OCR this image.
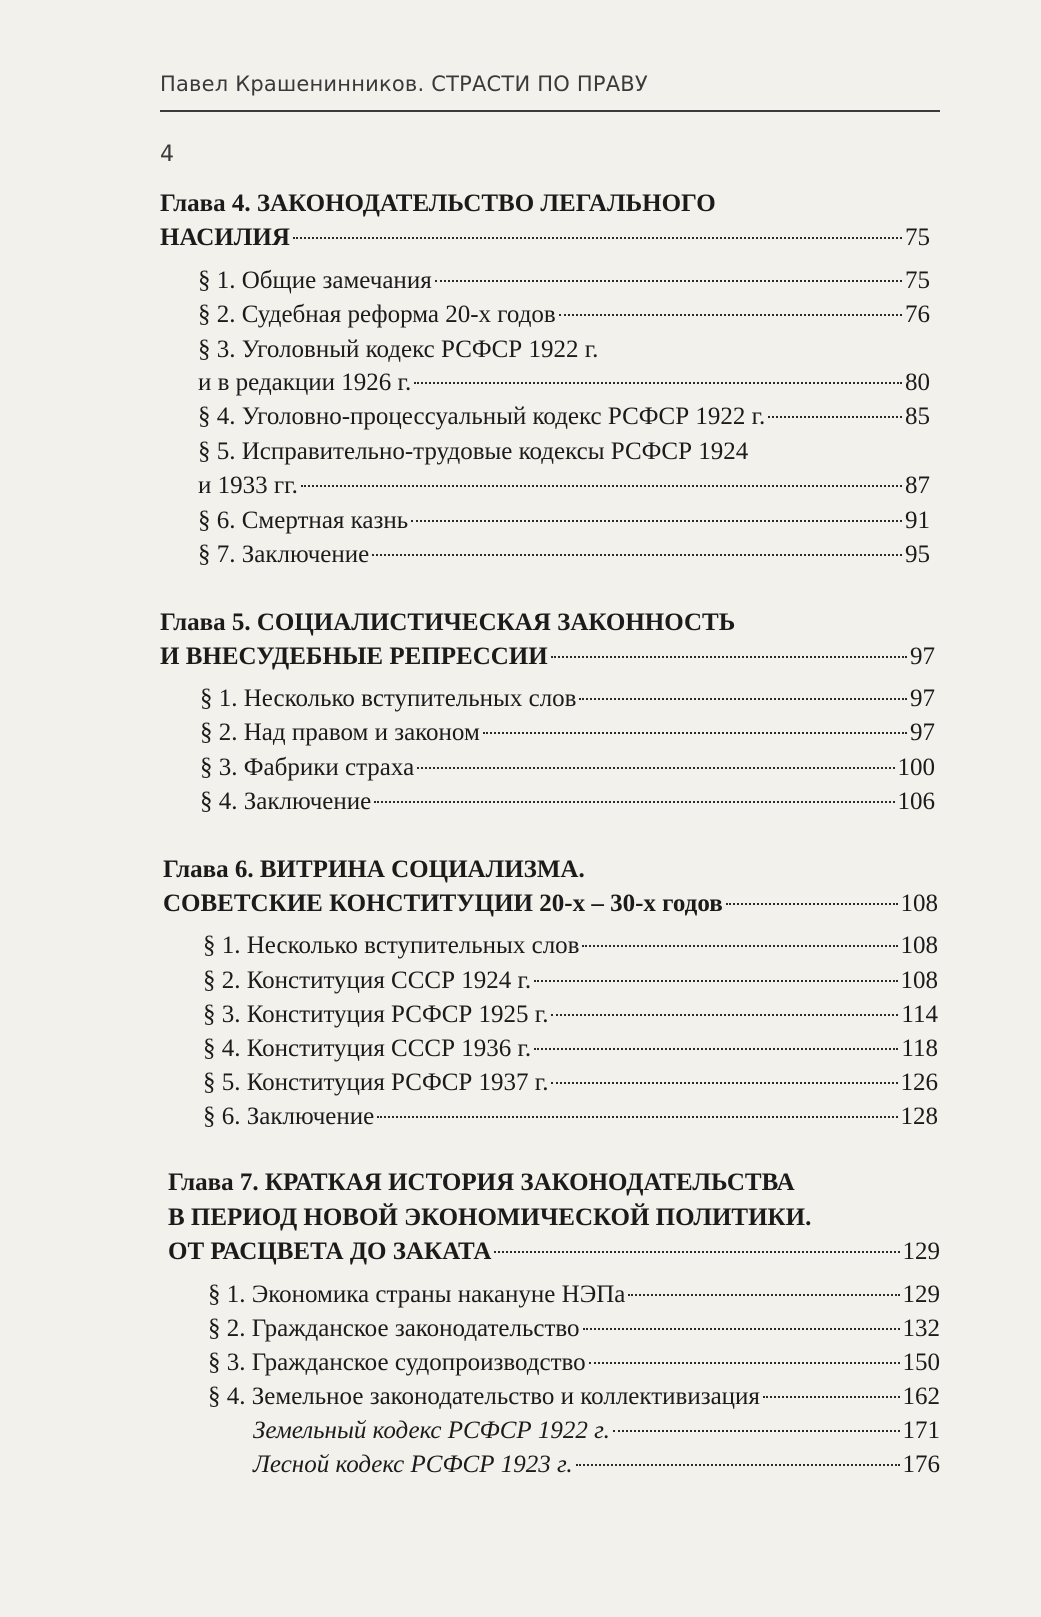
Павел Крашенинников. СТРАСТИ ПО ПРАВУ
4
Глава 4. ЗАКОНОДАТЕЛЬСТВО ЛЕГАЛЬНОГО
НАСИЛИЯ	75
§ 1. Общие замечания	75
§ 2. Судебная реформа 20-х годов	76
§ 3. Уголовный кодекс РСФСР 1922 г.
и в редакции 1926 г.	80
§ 4. Уголовно-процессуальный кодекс РСФСР 1922 г.	85
§ 5. Исправительно-трудовые кодексы РСФСР 1924
и 1933 гг.	87
§ 6. Смертная казнь	91
§ 7. Заключение	95
Глава 5. СОЦИАЛИСТИЧЕСКАЯ ЗАКОННОСТЬ
И ВНЕСУДЕБНЫЕ РЕПРЕССИИ	97
§ 1. Несколько вступительных слов	97
§ 2. Над правом и законом	97
§ 3. Фабрики страха	100
§ 4. Заключение	106
Глава 6. ВИТРИНА СОЦИАЛИЗМА.
СОВЕТСКИЕ КОНСТИТУЦИИ 20-х – 30-х годов	108
§ 1. Несколько вступительных слов	108
§ 2. Конституция СССР 1924 г.	108
§ 3. Конституция РСФСР 1925 г.	114
§ 4. Конституция СССР 1936 г.	118
§ 5. Конституция РСФСР 1937 г.	126
§ 6. Заключение	128
Глава 7. КРАТКАЯ ИСТОРИЯ ЗАКОНОДАТЕЛЬСТВА
В ПЕРИОД НОВОЙ ЭКОНОМИЧЕСКОЙ ПОЛИТИКИ.
ОТ РАСЦВЕТА ДО ЗАКАТА	129
§ 1. Экономика страны накануне НЭПа	129
§ 2. Гражданское законодательство	132
§ 3. Гражданское судопроизводство	150
§ 4. Земельное законодательство и коллективизация	162
Земельный кодекс РСФСР 1922 г.	171
Лесной кодекс РСФСР 1923 г.	176
